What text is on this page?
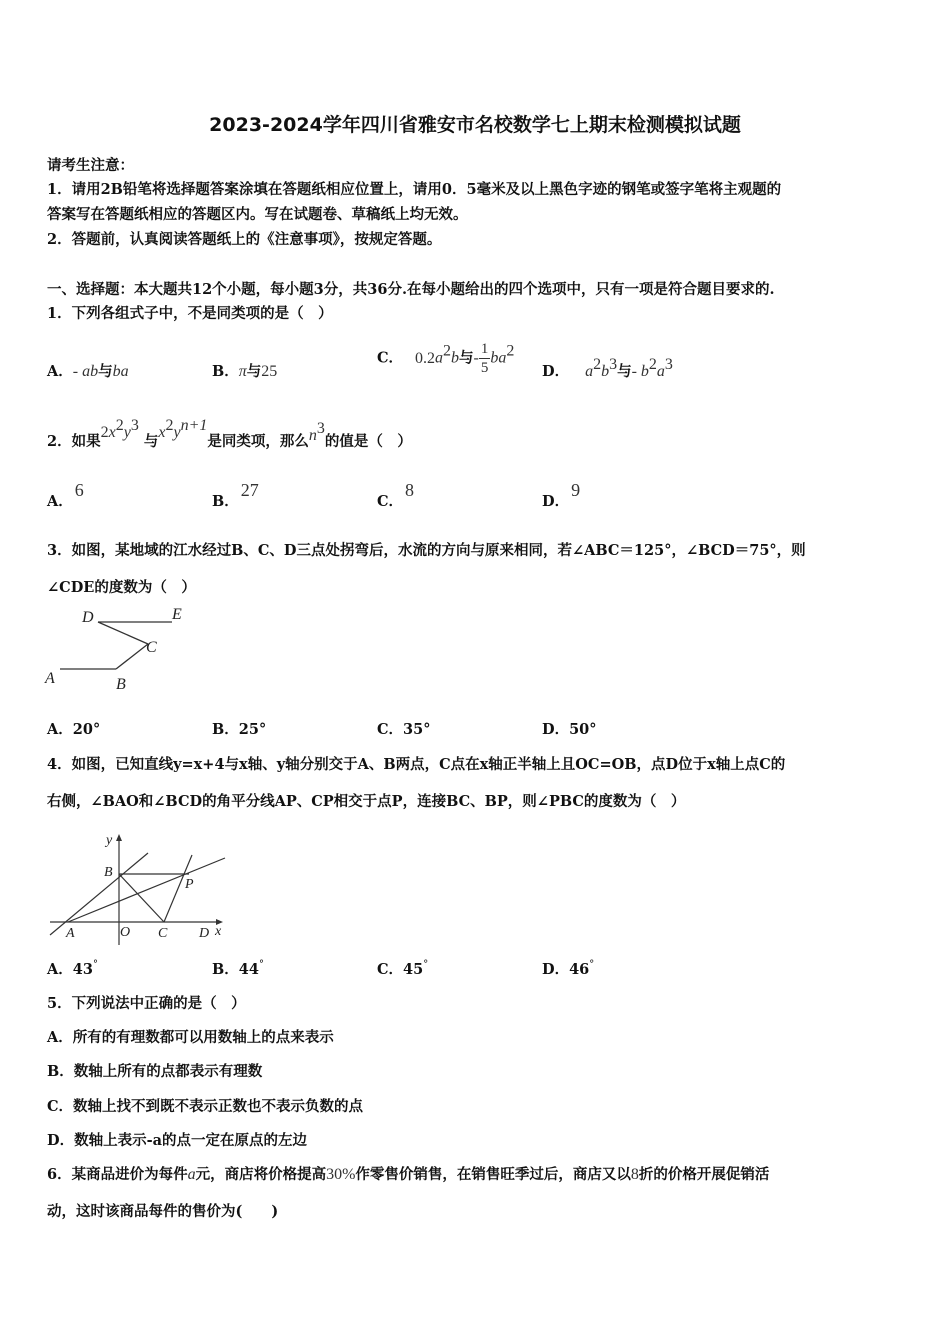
2023-2024学年四川省雅安市名校数学七上期末检测模拟试题
请考生注意：
1．请用2B铅笔将选择题答案涂填在答题纸相应位置上，请用0．5毫米及以上黑色字迹的钢笔或签字笔将主观题的
答案写在答题纸相应的答题区内。写在试题卷、草稿纸上均无效。
2．答题前，认真阅读答题纸上的《注意事项》，按规定答题。
一、选择题：本大题共12个小题，每小题3分，共36分.在每小题给出的四个选项中，只有一项是符合题目要求的.
1．下列各组式子中，不是同类项的是（　）
A．- ab与ba	B．π与25
C． $0.2a^2b$与- $\frac{1}{5} ba^2$
D． $a^2b^3$与- $b^2a^3$
2．如果$2x^2y^3$ 与$x^2y^{n+1}$是同类项，那么$n^3$的值是（　）
A．6
B．27
C．8
D．9
3．如图，某地域的江水经过B、C、D三点处拐弯后，水流的方向与原来相同，若∠ABC＝125°，∠BCD＝75°，则
∠CDE的度数为（　）
D	E
C
A	B
A．20°	B．25°	C．35°	D．50°
4．如图，已知直线y=x+4与x轴、y轴分别交于A、B两点，C点在x轴正半轴上且OC=OB，点D位于x轴上点C的
右侧，∠BAO和∠BCD的角平分线AP、CP相交于点P，连接BC、BP，则∠PBC的度数为（　）
y
B
P
A	O C D x
A．43°	B．44°	C．45°	D．46°
5．下列说法中正确的是（　）
A．所有的有理数都可以用数轴上的点来表示
B．数轴上所有的点都表示有理数
C．数轴上找不到既不表示正数也不表示负数的点
D．数轴上表示-a的点一定在原点的左边
6．某商品进价为每件a元，商店将价格提高30%作零售价销售，在销售旺季过后，商店又以8折的价格开展促销活
动，这时该商品每件的售价为(　　)
